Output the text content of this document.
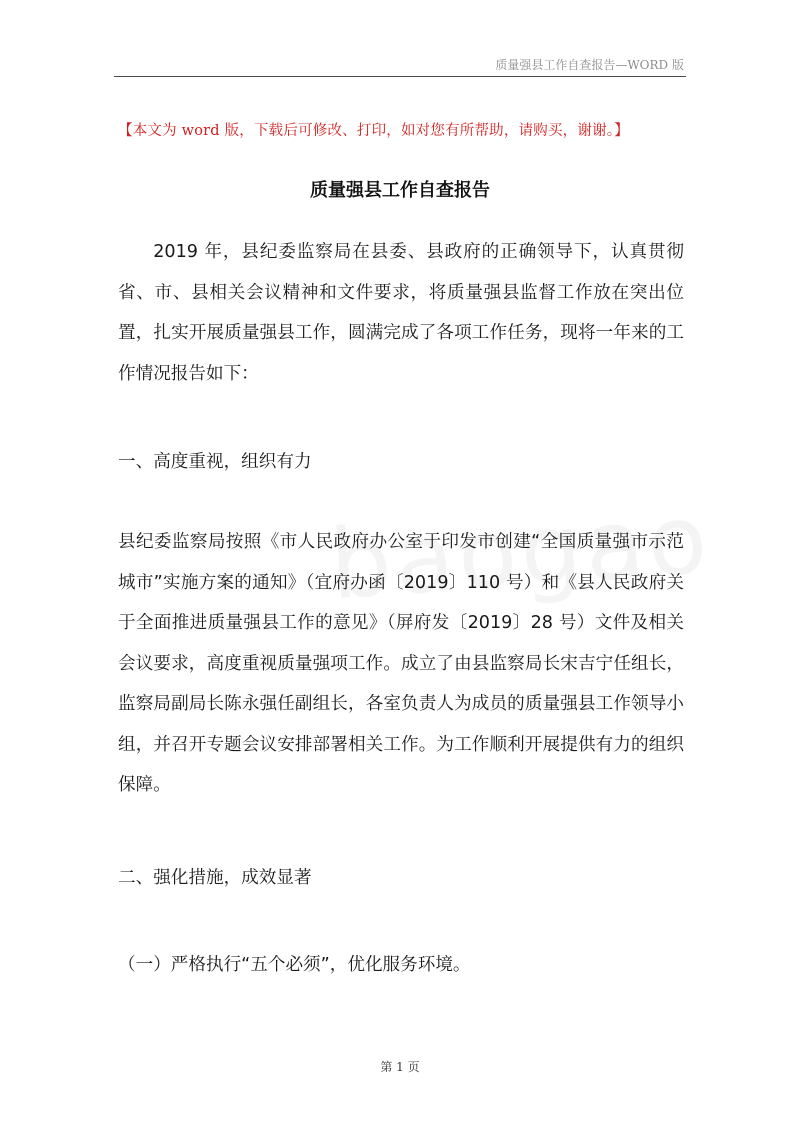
质量强县工作自查报告—WORD 版
【本文为 word 版，下载后可修改、打印，如对您有所帮助，请购买，谢谢。】
质量强县工作自查报告

2019 年，县纪委监察局在县委、县政府的正确领导下，认真贯彻省、市、县相关会议精神和文件要求，将质量强县监督工作放在突出位置，扎实开展质量强县工作，圆满完成了各项工作任务，现将一年来的工作情况报告如下：

一、高度重视，组织有力

县纪委监察局按照《市人民政府办公室于印发市创建“全国质量强市示范城市”实施方案的通知》（宜府办函〔2019〕110 号）和《县人民政府关于全面推进质量强县工作的意见》（屏府发〔2019〕28 号）文件及相关会议要求，高度重视质量强项工作。成立了由县监察局长宋吉宁任组长，监察局副局长陈永强任副组长，各室负责人为成员的质量强县工作领导小组，并召开专题会议安排部署相关工作。为工作顺利开展提供有力的组织保障。

二、强化措施，成效显著

（一）严格执行“五个必须”，优化服务环境。

第 1 页
